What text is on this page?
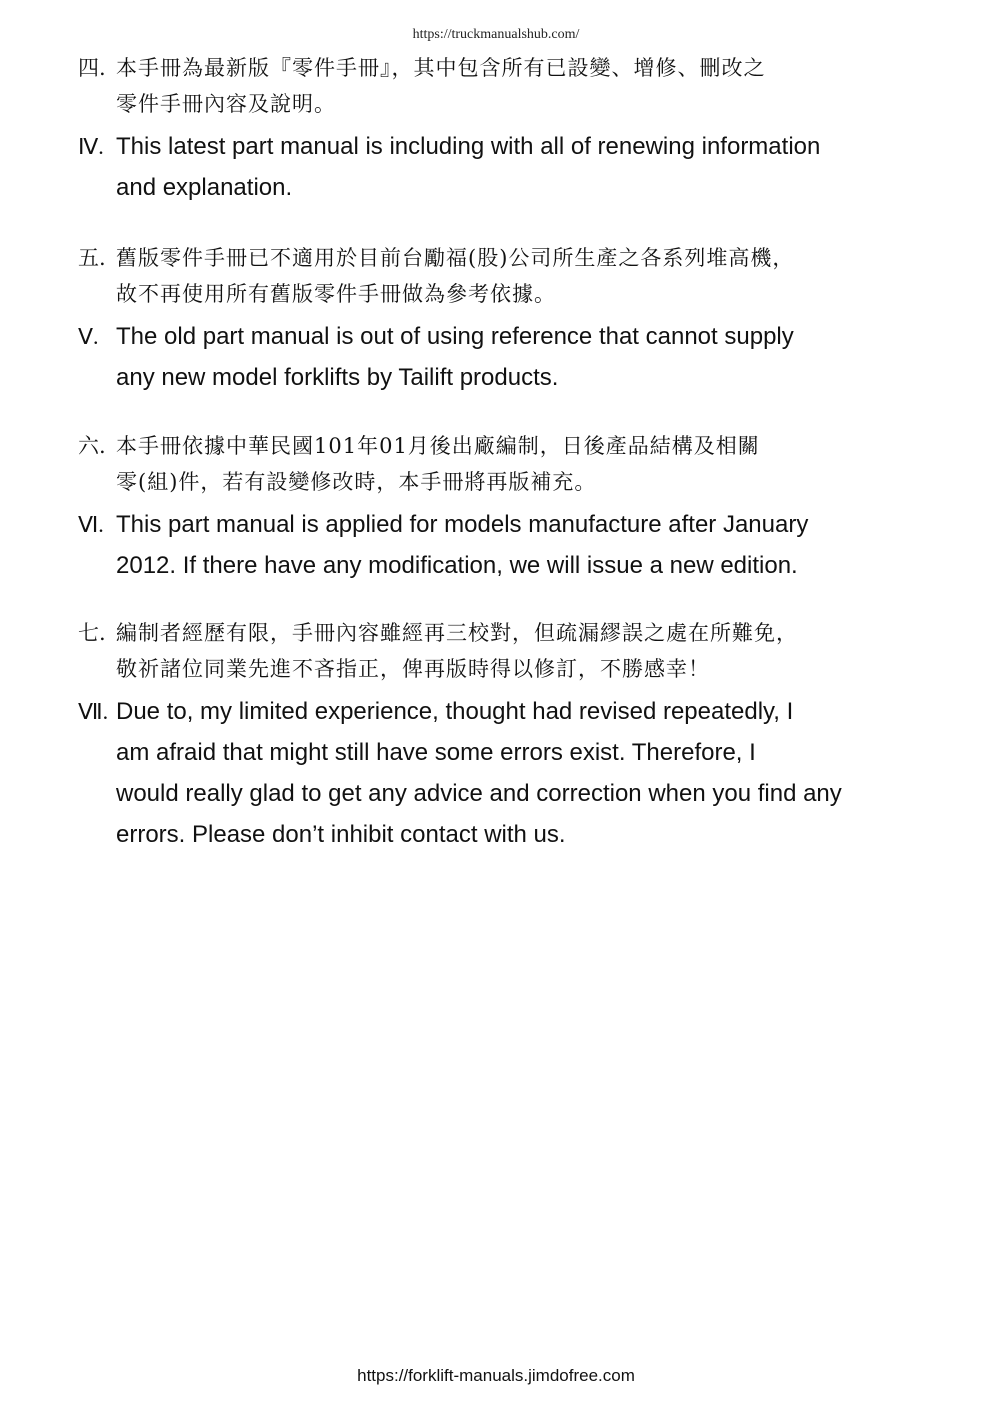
https://truckmanualshub.com/
四. 本手冊為最新版『零件手冊』，其中包含所有已設變、增修、刪改之
零件手冊內容及說明。
Ⅳ. This latest part manual is including with all of renewing information
and explanation.
五. 舊版零件手冊已不適用於目前台勵福(股)公司所生產之各系列堆高機，
故不再使用所有舊版零件手冊做為參考依據。
Ⅴ. The old part manual is out of using reference that cannot supply
any new model forklifts by Tailift products.
六. 本手冊依據中華民國101年01月後出廠編制，日後產品結構及相關
零(組)件，若有設變修改時，本手冊將再版補充。
Ⅵ. This part manual is applied for models manufacture after January
2012. If there have any modification, we will issue a new edition.
七. 編制者經歷有限，手冊內容雖經再三校對，但疏漏繆誤之處在所難免，
敬祈諸位同業先進不吝指正，俾再版時得以修訂，不勝感幸！
Ⅶ. Due to, my limited experience, thought had revised repeatedly, I
am afraid that might still have some errors exist. Therefore, I
would really glad to get any advice and correction when you find any
errors. Please don’t inhibit contact with us.
https://forklift-manuals.jimdofree.com
